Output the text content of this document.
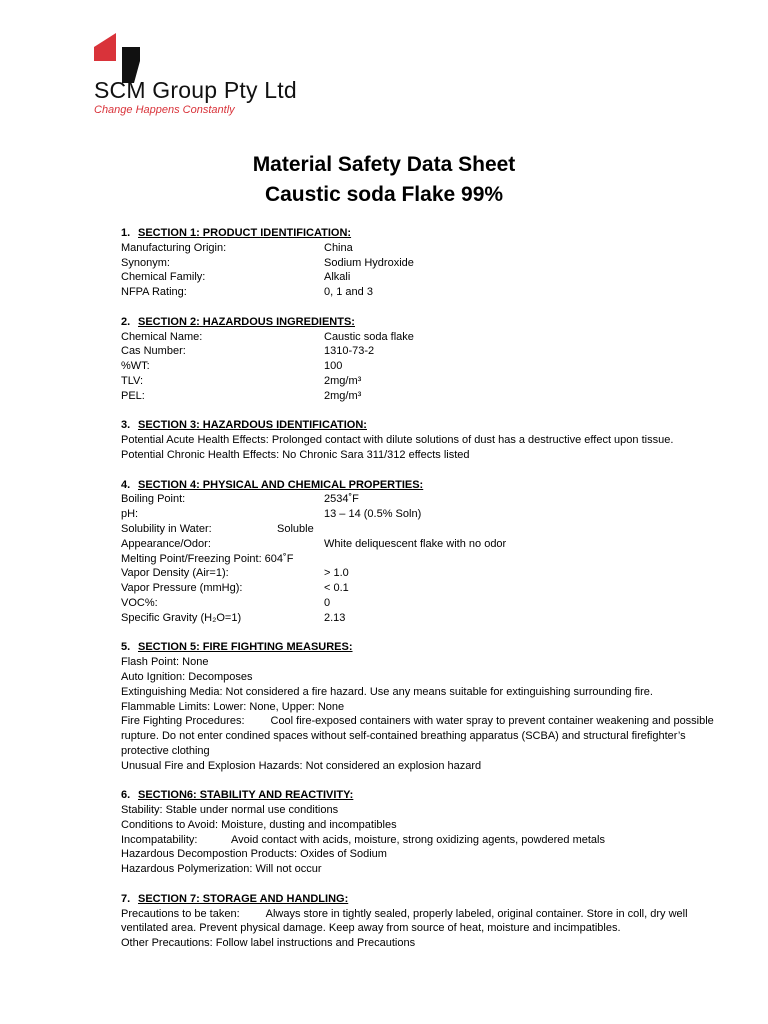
SCM Group Pty Ltd
Change Happens Constantly
Material Safety Data Sheet
Caustic soda Flake 99%
1. SECTION 1: PRODUCT IDENTIFICATION:
Manufacturing Origin:	China
Synonym:	Sodium Hydroxide
Chemical Family:	Alkali
NFPA Rating:	0, 1 and 3
2. SECTION 2: HAZARDOUS INGREDIENTS:
Chemical Name:	Caustic soda flake
Cas Number:	1310-73-2
%WT:	100
TLV:	2mg/m³
PEL:	2mg/m³
3. SECTION 3: HAZARDOUS IDENTIFICATION:
Potential Acute Health Effects: Prolonged contact with dilute solutions of dust has a destructive effect upon tissue.
Potential Chronic Health Effects: No Chronic Sara 311/312 effects listed
4. SECTION 4: PHYSICAL AND CHEMICAL PROPERTIES:
Boiling Point:	2534˚F
pH:	13 – 14 (0.5% Soln)
Solubility in Water:	Soluble
Appearance/Odor:	White deliquescent flake with no odor
Melting Point/Freezing Point: 604˚F
Vapor Density (Air=1):	> 1.0
Vapor Pressure (mmHg):	< 0.1
VOC%:	0
Specific Gravity (H₂O=1)	2.13
5. SECTION 5: FIRE FIGHTING MEASURES:
Flash Point: None
Auto Ignition: Decomposes
Extinguishing Media: Not considered a fire hazard. Use any means suitable for extinguishing surrounding fire.
Flammable Limits: Lower: None, Upper: None
Fire Fighting Procedures: Cool fire-exposed containers with water spray to prevent container weakening and possible rupture. Do not enter condined spaces without self-contained breathing apparatus (SCBA) and structural firefighter’s protective clothing
Unusual Fire and Explosion Hazards: Not considered an explosion hazard
6. SECTION6: STABILITY AND REACTIVITY:
Stability: Stable under normal use conditions
Conditions to Avoid: Moisture, dusting and incompatibles
Incompatability:	Avoid contact with acids, moisture, strong oxidizing agents, powdered metals
Hazardous Decompostion Products: Oxides of Sodium
Hazardous Polymerization: Will not occur
7. SECTION 7: STORAGE AND HANDLING:
Precautions to be taken: Always store in tightly sealed, properly labeled, original container. Store in coll, dry well ventilated area. Prevent physical damage. Keep away from source of heat, moisture and incimpatibles.
Other Precautions: Follow label instructions and Precautions
